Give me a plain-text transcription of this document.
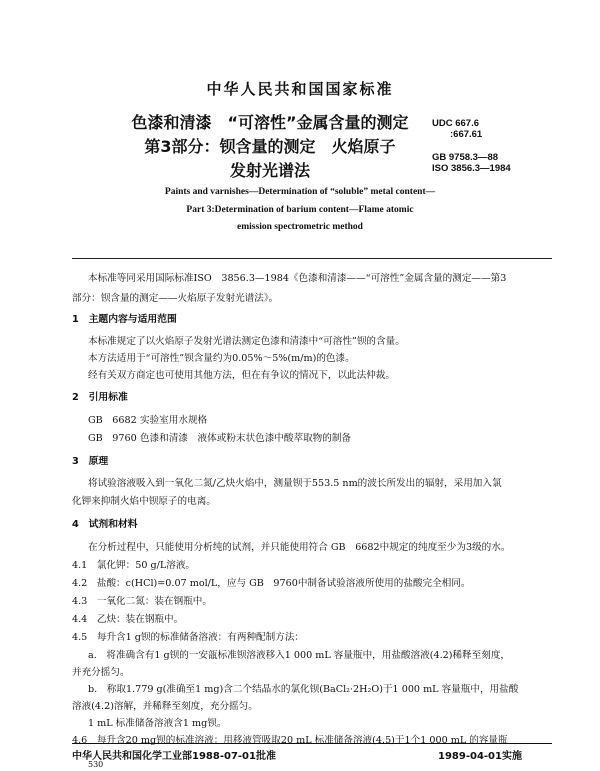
中华人民共和国国家标准
色漆和清漆　“可溶性”金属含量的测定
第3部分：钡含量的测定　火焰原子
发射光谱法
UDC 667.6
:667.61
GB 9758.3—88
ISO 3856.3—1984
Paints and varnishes—Determination of “soluble” metal content—
Part 3:Determination of barium content—Flame atomic
emission spectrometric method
本标准等同采用国际标准ISO　3856.3—1984《色漆和清漆——“可溶性”金属含量的测定——第3
部分：钡含量的测定——火焰原子发射光谱法》。
1　主题内容与适用范围
本标准规定了以火焰原子发射光谱法测定色漆和清漆中“可溶性”钡的含量。
本方法适用于“可溶性”钡含量约为0.05%～5%(m/m)的色漆。
经有关双方商定也可使用其他方法，但在有争议的情况下，以此法仲裁。
2　引用标准
GB　6682 实验室用水规格
GB　9760 色漆和清漆　液体或粉末状色漆中酸萃取物的制备
3　原理
将试验溶液吸入到一氧化二氮/乙炔火焰中，测量钡于553.5 nm的波长所发出的辐射，采用加入氯
化钾来抑制火焰中钡原子的电离。
4　试剂和材料
在分析过程中，只能使用分析纯的试剂，并只能使用符合 GB　6682中规定的纯度至少为3级的水。
4.1　氯化钾：50 g/L溶液。
4.2　盐酸：c(HCl)=0.07 mol/L，应与 GB　9760中制备试验溶液所使用的盐酸完全相同。
4.3　一氧化二氮：装在钢瓶中。
4.4　乙炔：装在钢瓶中。
4.5　每升含1 g钡的标准储备溶液：有两种配制方法：
a.　将准确含有1 g钡的一安瓿标准钡溶液移入1 000 mL 容量瓶中，用盐酸溶液(4.2)稀释至刻度，
并充分摇匀。
b.　称取1.779 g(准确至1 mg)含二个结晶水的氯化钡(BaCl₂·2H₂O)于1 000 mL 容量瓶中，用盐酸
溶液(4.2)溶解，并稀释至刻度，充分摇匀。
1 mL 标准储备溶液含1 mg钡。
4.6　每升含20 mg钡的标准溶液：用移液管吸取20 mL 标准储备溶液(4.5)于1个1 000 mL 的容量瓶
中华人民共和国化学工业部1988-07-01批准	1989-04-01实施
530
